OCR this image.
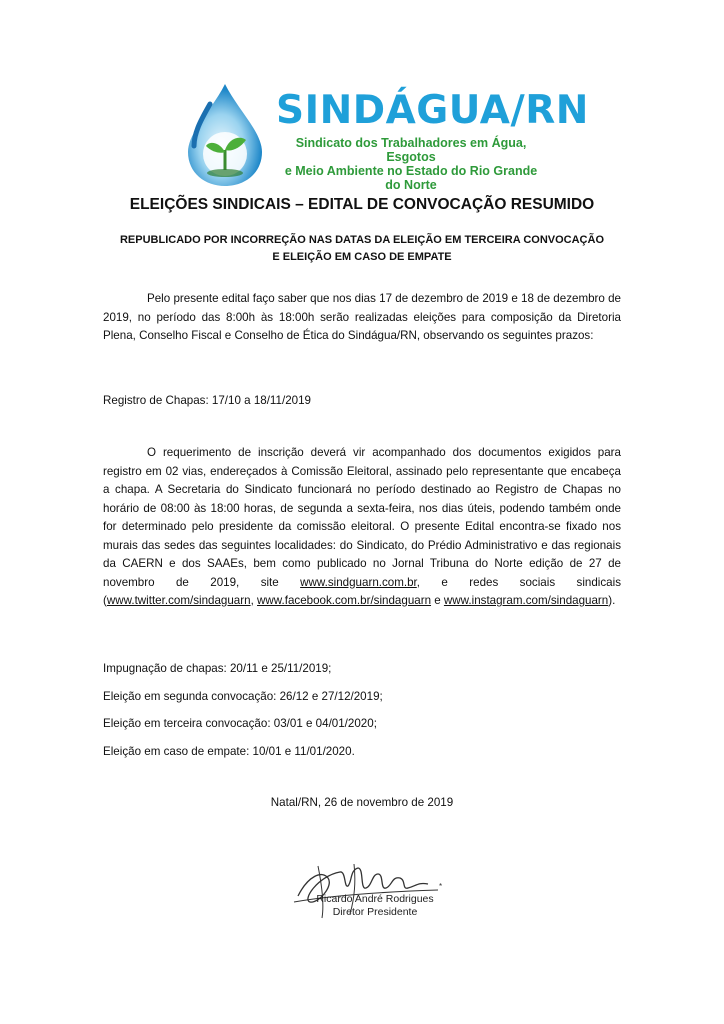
SINDÁGUA/RN
Sindicato dos Trabalhadores em Água, Esgotos
e Meio Ambiente no Estado do Rio Grande do Norte
ELEIÇÕES SINDICAIS – EDITAL DE CONVOCAÇÃO RESUMIDO
REPUBLICADO POR INCORREÇÃO NAS DATAS DA ELEIÇÃO EM TERCEIRA CONVOCAÇÃO E ELEIÇÃO EM CASO DE EMPATE
Pelo presente edital faço saber que nos dias 17 de dezembro de 2019 e 18 de dezembro de 2019, no período das 8:00h às 18:00h serão realizadas eleições para composição da Diretoria Plena, Conselho Fiscal e Conselho de Ética do Sindágua/RN, observando os seguintes prazos:
Registro de Chapas: 17/10 a 18/11/2019
O requerimento de inscrição deverá vir acompanhado dos documentos exigidos para registro em 02 vias, endereçados à Comissão Eleitoral, assinado pelo representante que encabeça a chapa. A Secretaria do Sindicato funcionará no período destinado ao Registro de Chapas no horário de 08:00 às 18:00 horas, de segunda a sexta-feira, nos dias úteis, podendo também onde for determinado pelo presidente da comissão eleitoral. O presente Edital encontra-se fixado nos murais das sedes das seguintes localidades: do Sindicato, do Prédio Administrativo e das regionais da CAERN e dos SAAEs, bem como publicado no Jornal Tribuna do Norte edição de 27 de novembro de 2019, site www.sindguarn.com.br, e redes sociais sindicais (www.twitter.com/sindaguarn, www.facebook.com.br/sindaguarn e www.instagram.com/sindaguarn).
Impugnação de chapas: 20/11 e 25/11/2019;
Eleição em segunda convocação: 26/12 e 27/12/2019;
Eleição em terceira convocação: 03/01 e 04/01/2020;
Eleição em caso de empate: 10/01 e 11/01/2020.
Natal/RN, 26 de novembro de 2019
*
Ricardo André Rodrigues
Diretor Presidente
